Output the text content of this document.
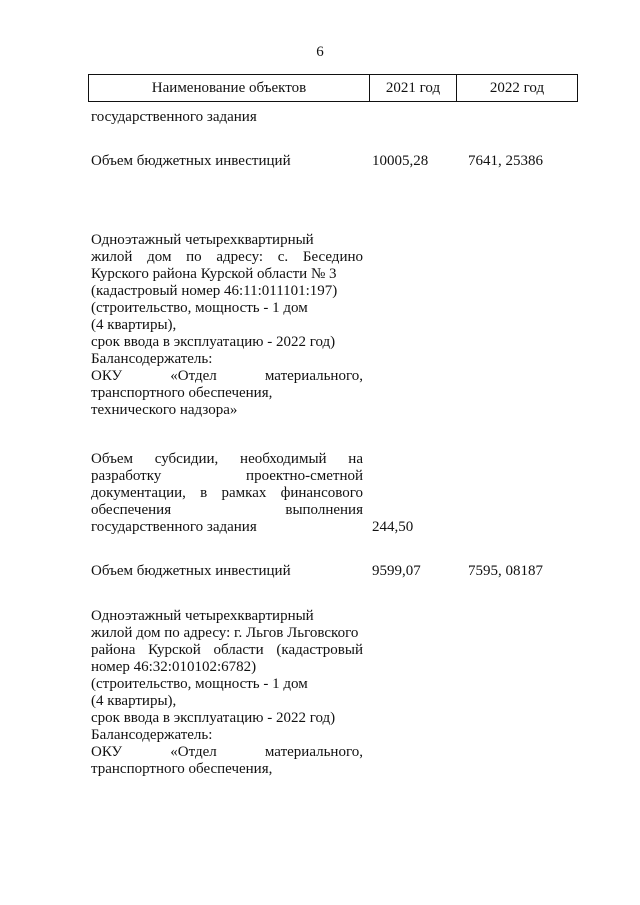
6
Наименование объектов	2021 год	2022 год
государственного задания
Объем бюджетных инвестиций	10005,28	7641, 25386
Одноэтажный четырехквартирный
жилой дом по адресу: с. Беседино
Курского района Курской области № 3
(кадастровый номер 46:11:011101:197)
(строительство, мощность - 1 дом
(4 квартиры),
срок ввода в эксплуатацию - 2022 год)
Балансодержатель:
ОКУ «Отдел материального,
транспортного обеспечения,
технического надзора»
Объем субсидии, необходимый на
разработку проектно-сметной
документации, в рамках финансового
обеспечения выполнения
государственного задания	244,50
Объем бюджетных инвестиций	9599,07	7595, 08187
Одноэтажный четырехквартирный
жилой дом по адресу: г. Льгов Льговского
района Курской области (кадастровый
номер 46:32:010102:6782)
(строительство, мощность - 1 дом
(4 квартиры),
срок ввода в эксплуатацию - 2022 год)
Балансодержатель:
ОКУ «Отдел материального,
транспортного обеспечения,
